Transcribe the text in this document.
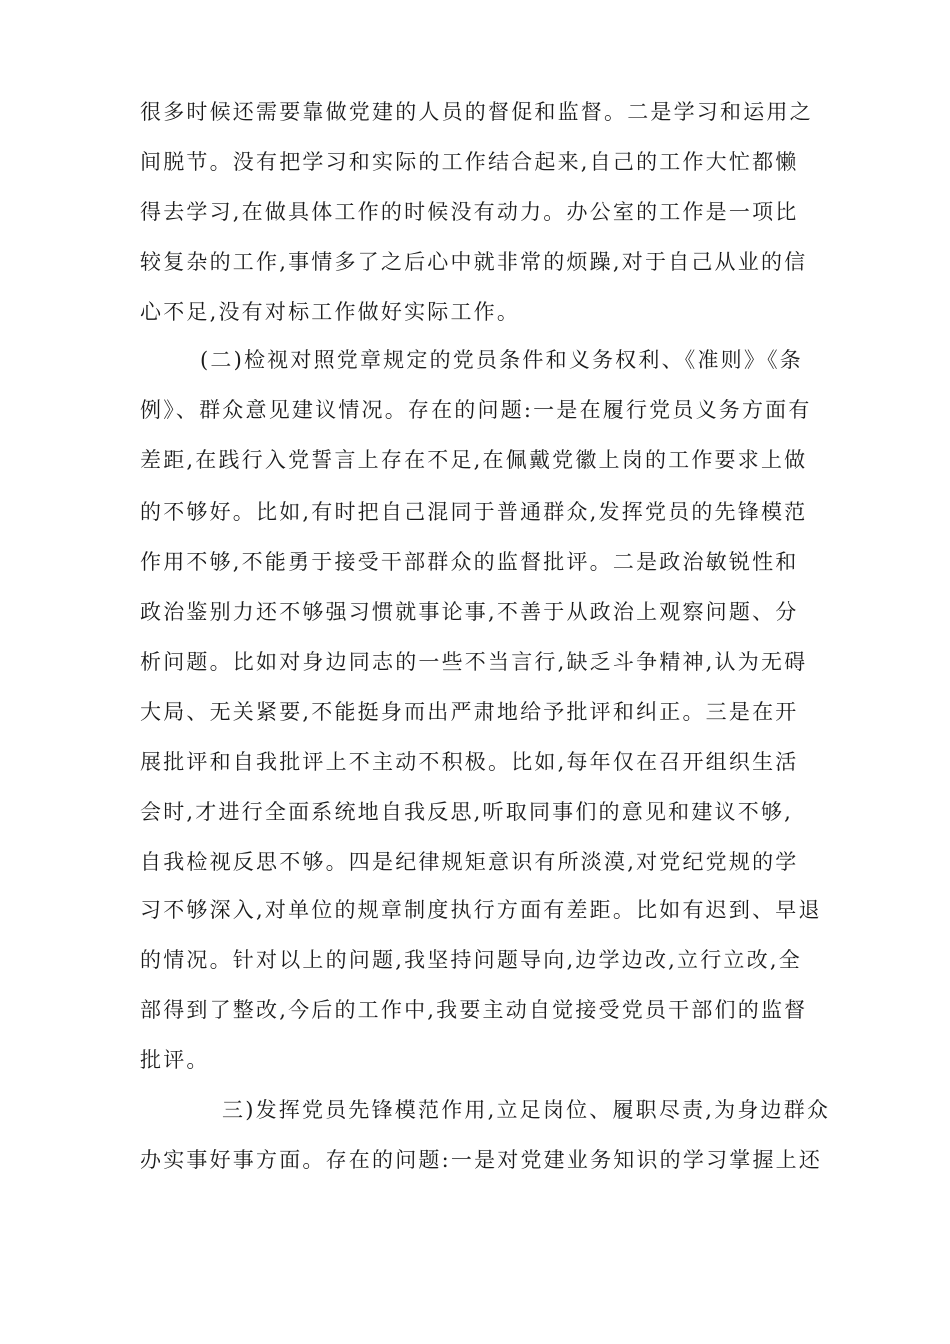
很多时候还需要靠做党建的人员的督促和监督。二是学习和运用之
间脱节。没有把学习和实际的工作结合起来,自己的工作大忙都懒
得去学习,在做具体工作的时候没有动力。办公室的工作是一项比
较复杂的工作,事情多了之后心中就非常的烦躁,对于自己从业的信
心不足,没有对标工作做好实际工作。
(二)检视对照党章规定的党员条件和义务权利、《准则》《条
例》、群众意见建议情况。存在的问题:一是在履行党员义务方面有
差距,在践行入党誓言上存在不足,在佩戴党徽上岗的工作要求上做
的不够好。比如,有时把自己混同于普通群众,发挥党员的先锋模范
作用不够,不能勇于接受干部群众的监督批评。二是政治敏锐性和
政治鉴别力还不够强习惯就事论事,不善于从政治上观察问题、分
析问题。比如对身边同志的一些不当言行,缺乏斗争精神,认为无碍
大局、无关紧要,不能挺身而出严肃地给予批评和纠正。三是在开
展批评和自我批评上不主动不积极。比如,每年仅在召开组织生活
会时,才进行全面系统地自我反思,听取同事们的意见和建议不够,
自我检视反思不够。四是纪律规矩意识有所淡漠,对党纪党规的学
习不够深入,对单位的规章制度执行方面有差距。比如有迟到、早退
的情况。针对以上的问题,我坚持问题导向,边学边改,立行立改,全
部得到了整改,今后的工作中,我要主动自觉接受党员干部们的监督
批评。
三)发挥党员先锋模范作用,立足岗位、履职尽责,为身边群众
办实事好事方面。存在的问题:一是对党建业务知识的学习掌握上还
